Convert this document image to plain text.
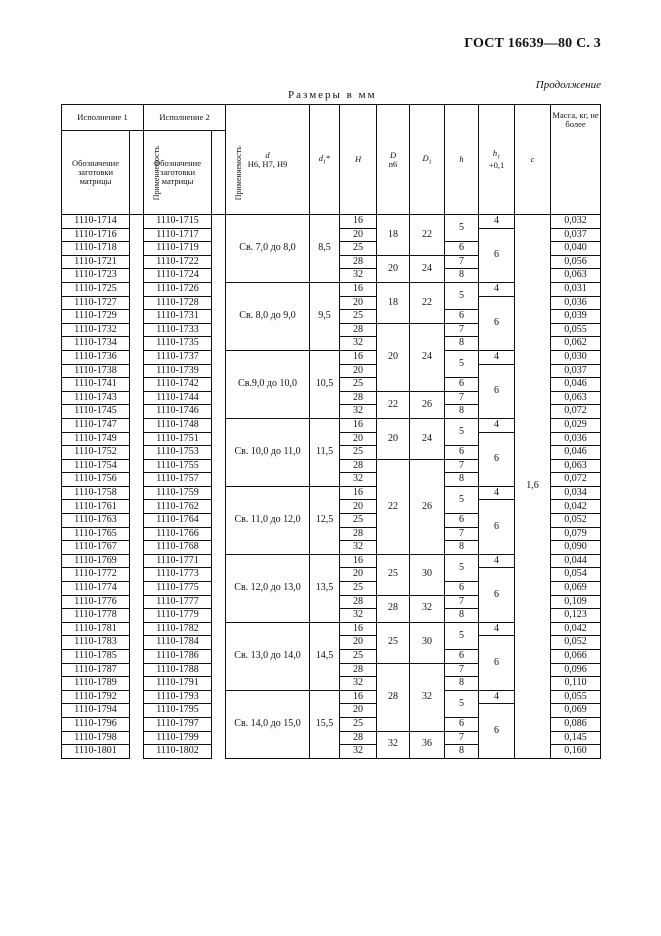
ГОСТ 16639—80 С. 3
Продолжение
Размеры в мм
Исполнение 1		Исполнение 2		d
H6, H7, H9	$d_1*$	H	D
n6	$D_1$	h	$h_1$
+0,1	c	Масса, кг, не более
Обозначение заготовки матрицы	Применяемость	Обозначение заготовки матрицы	Применяемость									
1110-1714		1110-1715		Св. 7,0 до 8,0	8,5	16	18	22	5	4	1,6	0,032
1110-1716		1110-1717				20				6		0,037
1110-1718		1110-1719				25			6			0,040
1110-1721		1110-1722				28	20	24	7			0,056
1110-1723		1110-1724				32			8			0,063
1110-1725		1110-1726		Св. 8,0 до 9,0	9,5	16	18	22	5	4		0,031
1110-1727		1110-1728				20				6		0,036
1110-1729		1110-1731				25			6			0,039
1110-1732		1110-1733				28	20	24	7			0,055
1110-1734		1110-1735				32			8			0,062
1110-1736		1110-1737		Св.9,0 до 10,0	10,5	16			5	4		0,030
1110-1738		1110-1739				20				6		0,037
1110-1741		1110-1742				25			6			0,046
1110-1743		1110-1744				28	22	26	7			0,063
1110-1745		1110-1746				32			8			0,072
1110-1747		1110-1748		Св. 10,0 до 11,0	11,5	16	20	24	5	4		0,029
1110-1749		1110-1751				20				6		0,036
1110-1752		1110-1753				25			6			0,046
1110-1754		1110-1755				28	22	26	7			0,063
1110-1756		1110-1757				32			8			0,072
1110-1758		1110-1759		Св. 11,0 до 12,0	12,5	16			5	4		0,034
1110-1761		1110-1762				20				6		0,042
1110-1763		1110-1764				25			6			0,052
1110-1765		1110-1766				28			7			0,079
1110-1767		1110-1768				32			8			0,090
1110-1769		1110-1771		Св. 12,0 до 13,0	13,5	16	25	30	5	4		0,044
1110-1772		1110-1773				20				6		0,054
1110-1774		1110-1775				25			6			0,069
1110-1776		1110-1777				28	28	32	7			0,109
1110-1778		1110-1779				32			8			0,123
1110-1781		1110-1782		Св. 13,0 до 14,0	14,5	16	25	30	5	4		0,042
1110-1783		1110-1784				20				6		0,052
1110-1785		1110-1786				25			6			0,066
1110-1787		1110-1788				28	28	32	7			0,096
1110-1789		1110-1791				32			8			0,110
1110-1792		1110-1793		Св. 14,0 до 15,0	15,5	16			5	4		0,055
1110-1794		1110-1795				20				6		0,069
1110-1796		1110-1797				25			6			0,086
1110-1798		1110-1799				28	32	36	7			0,145
1110-1801		1110-1802				32			8			0,160
